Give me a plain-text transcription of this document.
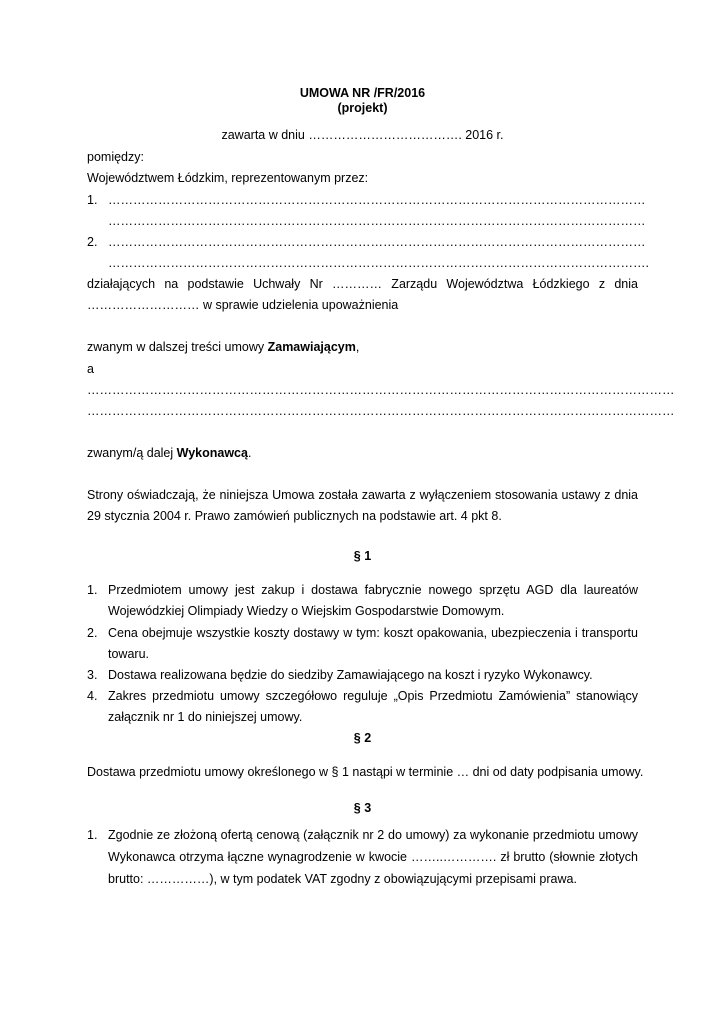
UMOWA NR /FR/2016
(projekt)
zawarta w dniu ………………………………. 2016 r.
pomiędzy:
Województwem Łódzkim, reprezentowanym przez:
1. …………………………………………………………………………………………………………………
…………………………………………………………………………………………………………………
2. …………………………………………………………………………………………………………………
………………………………………………………………………………………………………………….
działających na podstawie Uchwały Nr ………… Zarządu Województwa Łódzkiego z dnia
……………………… w sprawie udzielenia upoważnienia
zwanym w dalszej treści umowy Zamawiającym,
a
……………………………………………………………………………………………………………………………
……………………………………………………………………………………………………………………………
zwanym/ą dalej Wykonawcą.
Strony oświadczają, że niniejsza Umowa została zawarta z wyłączeniem stosowania ustawy z dnia
29 stycznia 2004 r. Prawo zamówień publicznych na podstawie art. 4 pkt 8.
§ 1
1. Przedmiotem umowy jest zakup i dostawa fabrycznie nowego sprzętu AGD dla laureatów
Wojewódzkiej Olimpiady Wiedzy o Wiejskim Gospodarstwie Domowym.
2. Cena obejmuje wszystkie koszty dostawy w tym: koszt opakowania, ubezpieczenia i transportu
towaru.
3. Dostawa realizowana będzie do siedziby Zamawiającego na koszt i ryzyko Wykonawcy.
4. Zakres przedmiotu umowy szczegółowo reguluje „Opis Przedmiotu Zamówienia” stanowiący
załącznik nr 1 do niniejszej umowy.
§ 2
Dostawa przedmiotu umowy określonego w § 1 nastąpi w terminie … dni od daty podpisania umowy.
§ 3
1. Zgodnie ze złożoną ofertą cenową (załącznik nr 2 do umowy) za wykonanie przedmiotu umowy
Wykonawca otrzyma łączne wynagrodzenie w kwocie ……..…………. zł brutto (słownie złotych
brutto: ……………), w tym podatek VAT zgodny z obowiązującymi przepisami prawa.
